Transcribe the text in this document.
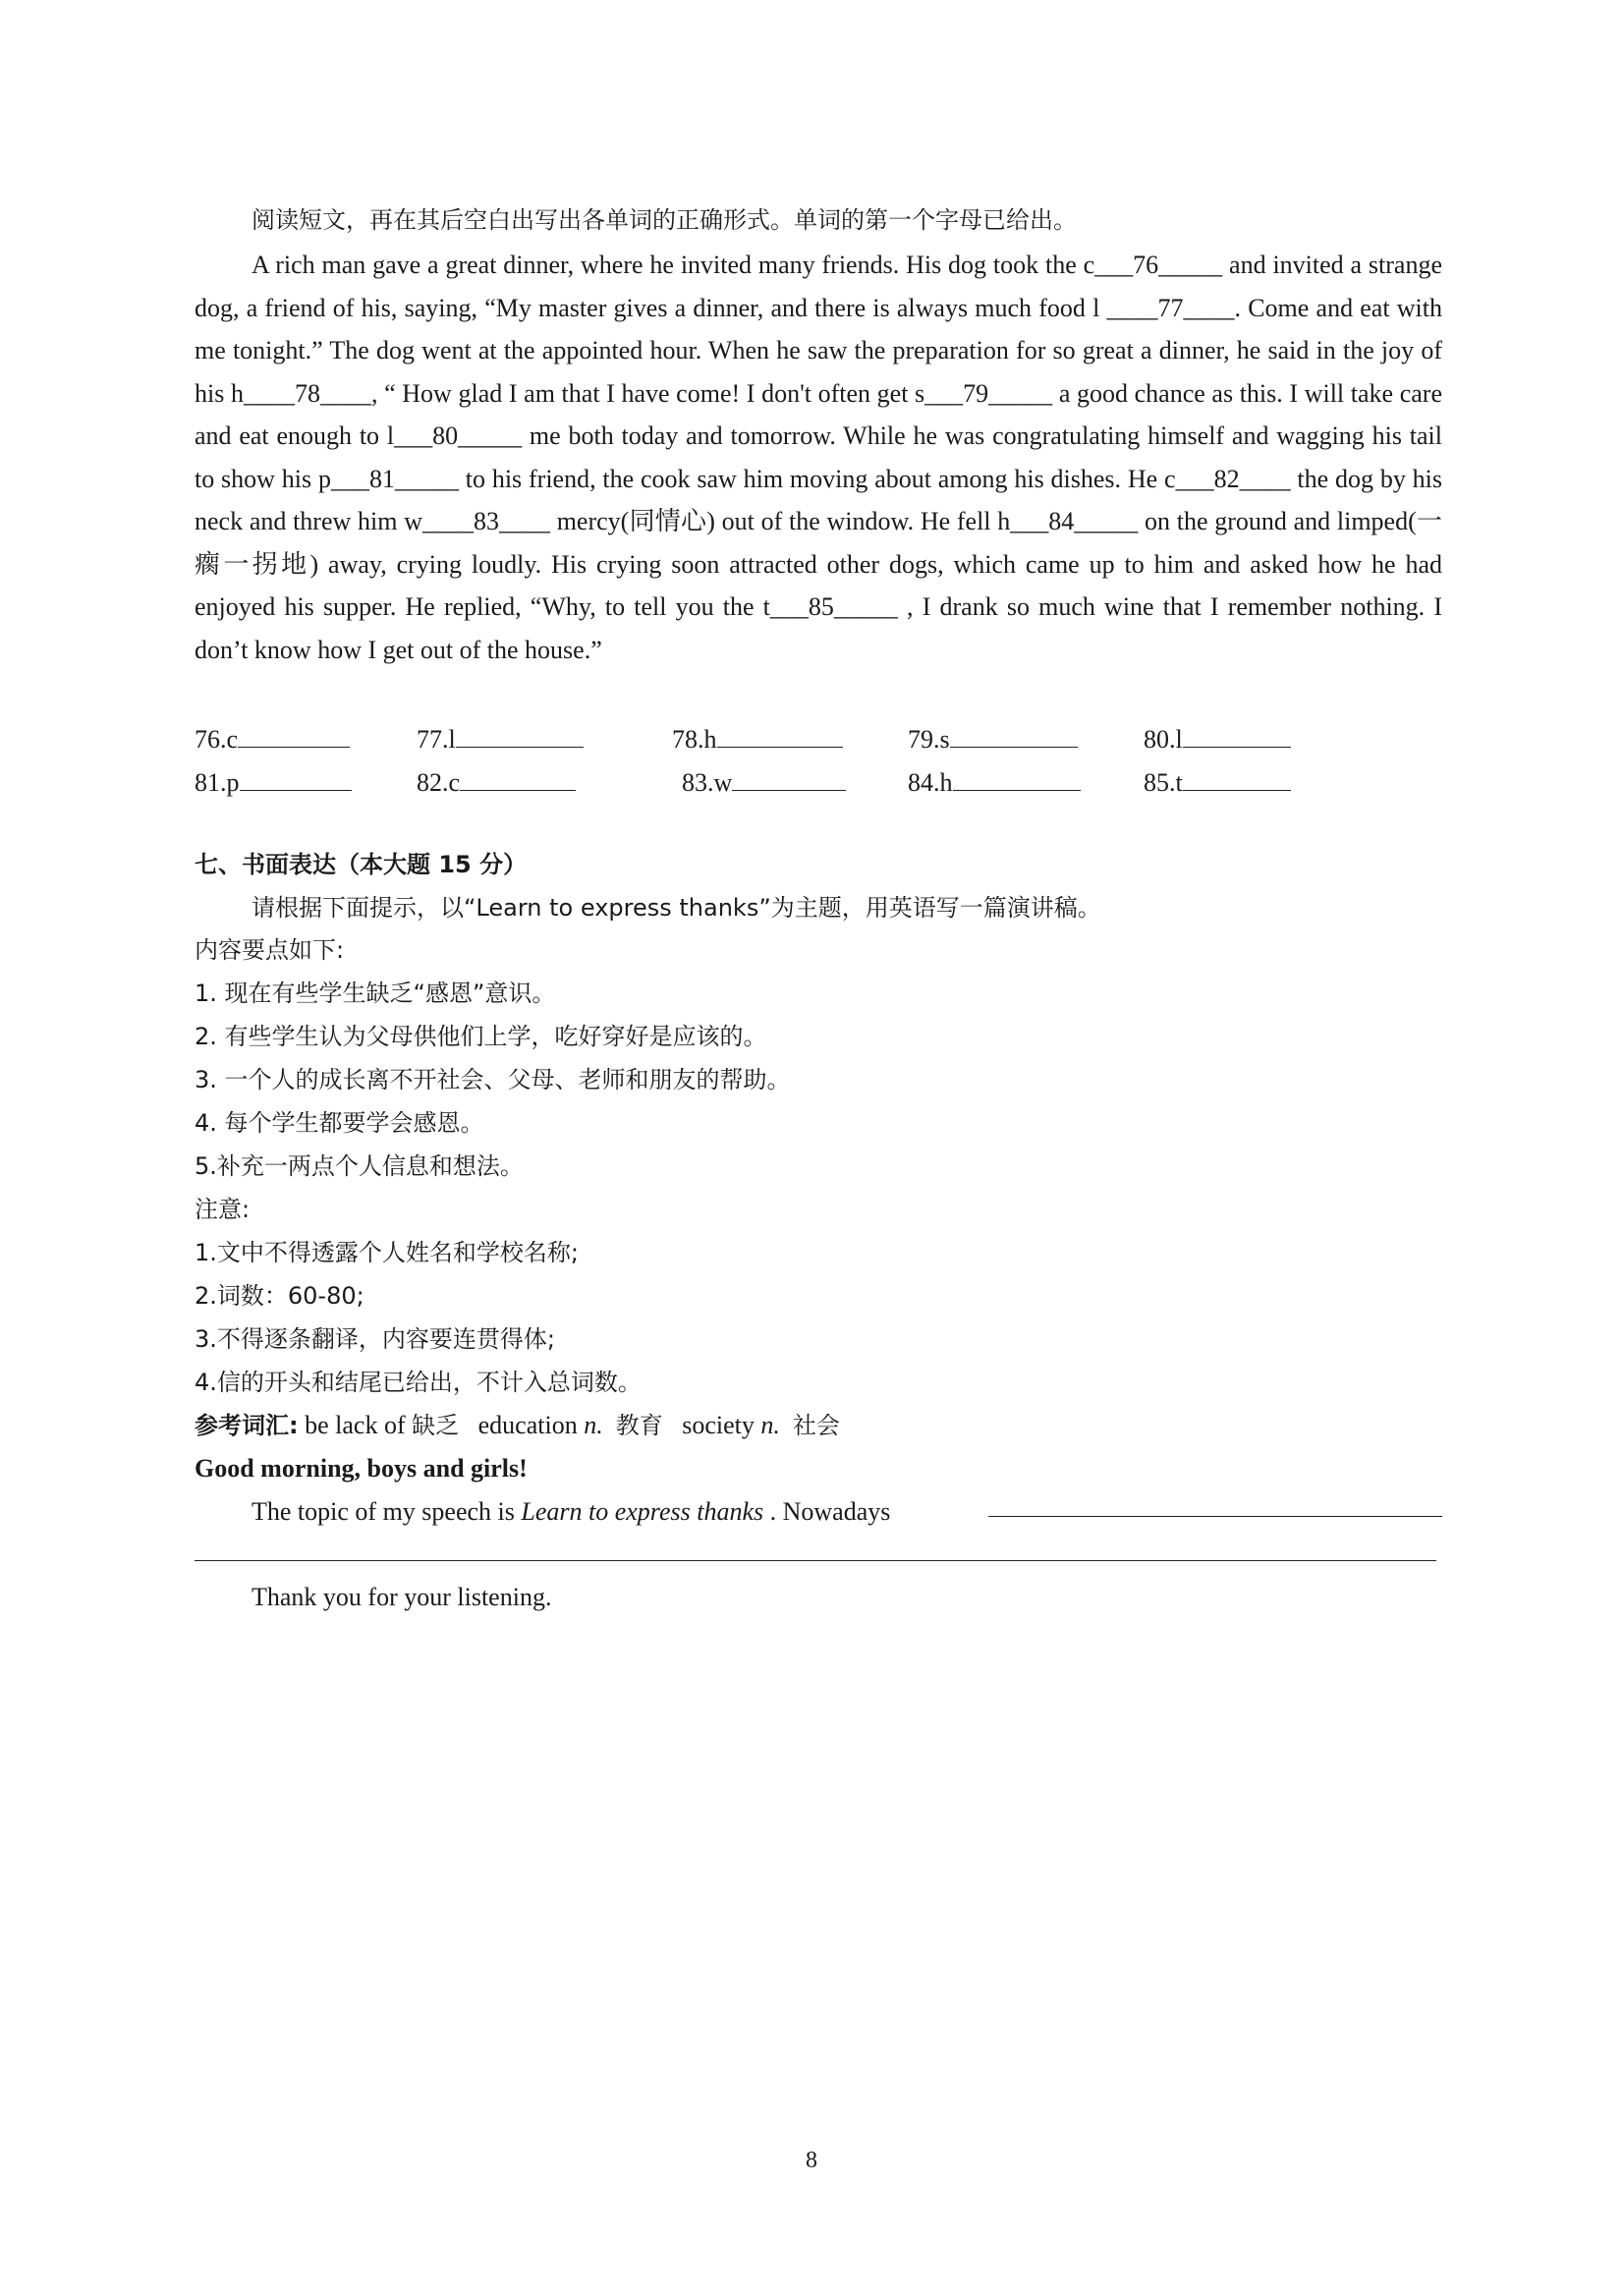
阅读短文，再在其后空白出写出各单词的正确形式。单词的第一个字母已给出。

A rich man gave a great dinner, where he invited many friends. His dog took the c___76_____ and invited a strange dog, a friend of his, saying, “My master gives a dinner, and there is always much food l ____77____. Come and eat with me tonight.” The dog went at the appointed hour. When he saw the preparation for so great a dinner, he said in the joy of his h____78____, “ How glad I am that I have come! I don't often get s___79_____ a good chance as this. I will take care and eat enough to l___80_____ me both today and tomorrow. While he was congratulating himself and wagging his tail to show his p___81_____ to his friend, the cook saw him moving about among his dishes. He c___82____ the dog by his neck and threw him w____83____ mercy(同情心) out of the window. He fell h___84_____ on the ground and limped(一瘸一拐地) away, crying loudly. His crying soon attracted other dogs, which came up to him and asked how he had enjoyed his supper. He replied, “Why, to tell you the t___85_____ , I drank so much wine that I remember nothing. I don’t know how I get out of the house.”

76.c	77.l	78.h	79.s	80.l
81.p	82.c	83.w	84.h	85.t
七、书面表达（本大题 15 分）
请根据下面提示，以“Learn to express thanks”为主题，用英语写一篇演讲稿。
内容要点如下:
1. 现在有些学生缺乏“感恩”意识。
2. 有些学生认为父母供他们上学，吃好穿好是应该的。
3. 一个人的成长离不开社会、父母、老师和朋友的帮助。
4. 每个学生都要学会感恩。
5.补充一两点个人信息和想法。
注意:
1.文中不得透露个人姓名和学校名称;
2.词数：60-80;
3.不得逐条翻译，内容要连贯得体;
4.信的开头和结尾已给出，不计入总词数。
参考词汇: be lack of 缺乏 education n. 教育 society n. 社会
Good morning, boys and girls!
The topic of my speech is Learn to express thanks . Nowadays
Thank you for your listening.
8
